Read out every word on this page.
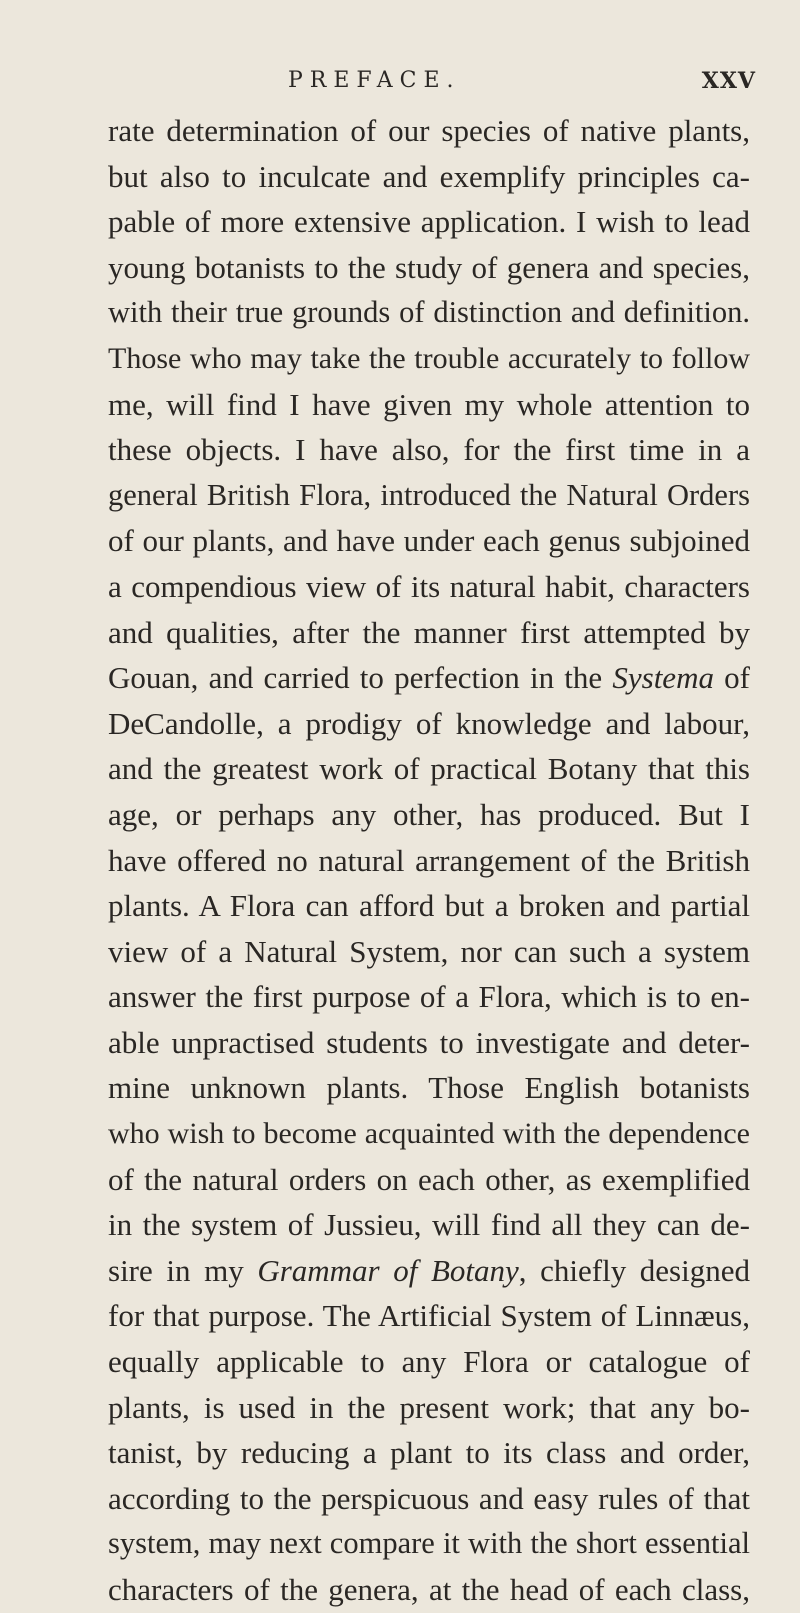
PREFACE.	XXV
rate determination of our species of native plants,
but also to inculcate and exemplify principles ca-
pable of more extensive application. I wish to lead
young botanists to the study of genera and species,
with their true grounds of distinction and definition.
Those who may take the trouble accurately to follow
me, will find I have given my whole attention to
these objects. I have also, for the first time in a
general British Flora, introduced the Natural Orders
of our plants, and have under each genus subjoined
a compendious view of its natural habit, characters
and qualities, after the manner first attempted by
Gouan, and carried to perfection in the Systema of
DeCandolle, a prodigy of knowledge and labour,
and the greatest work of practical Botany that this
age, or perhaps any other, has produced. But I
have offered no natural arrangement of the British
plants. A Flora can afford but a broken and partial
view of a Natural System, nor can such a system
answer the first purpose of a Flora, which is to en-
able unpractised students to investigate and deter-
mine unknown plants. Those English botanists
who wish to become acquainted with the dependence
of the natural orders on each other, as exemplified
in the system of Jussieu, will find all they can de-
sire in my Grammar of Botany, chiefly designed
for that purpose. The Artificial System of Linnæus,
equally applicable to any Flora or catalogue of
plants, is used in the present work; that any bo-
tanist, by reducing a plant to its class and order,
according to the perspicuous and easy rules of that
system, may next compare it with the short essential
characters of the genera, at the head of each class,
